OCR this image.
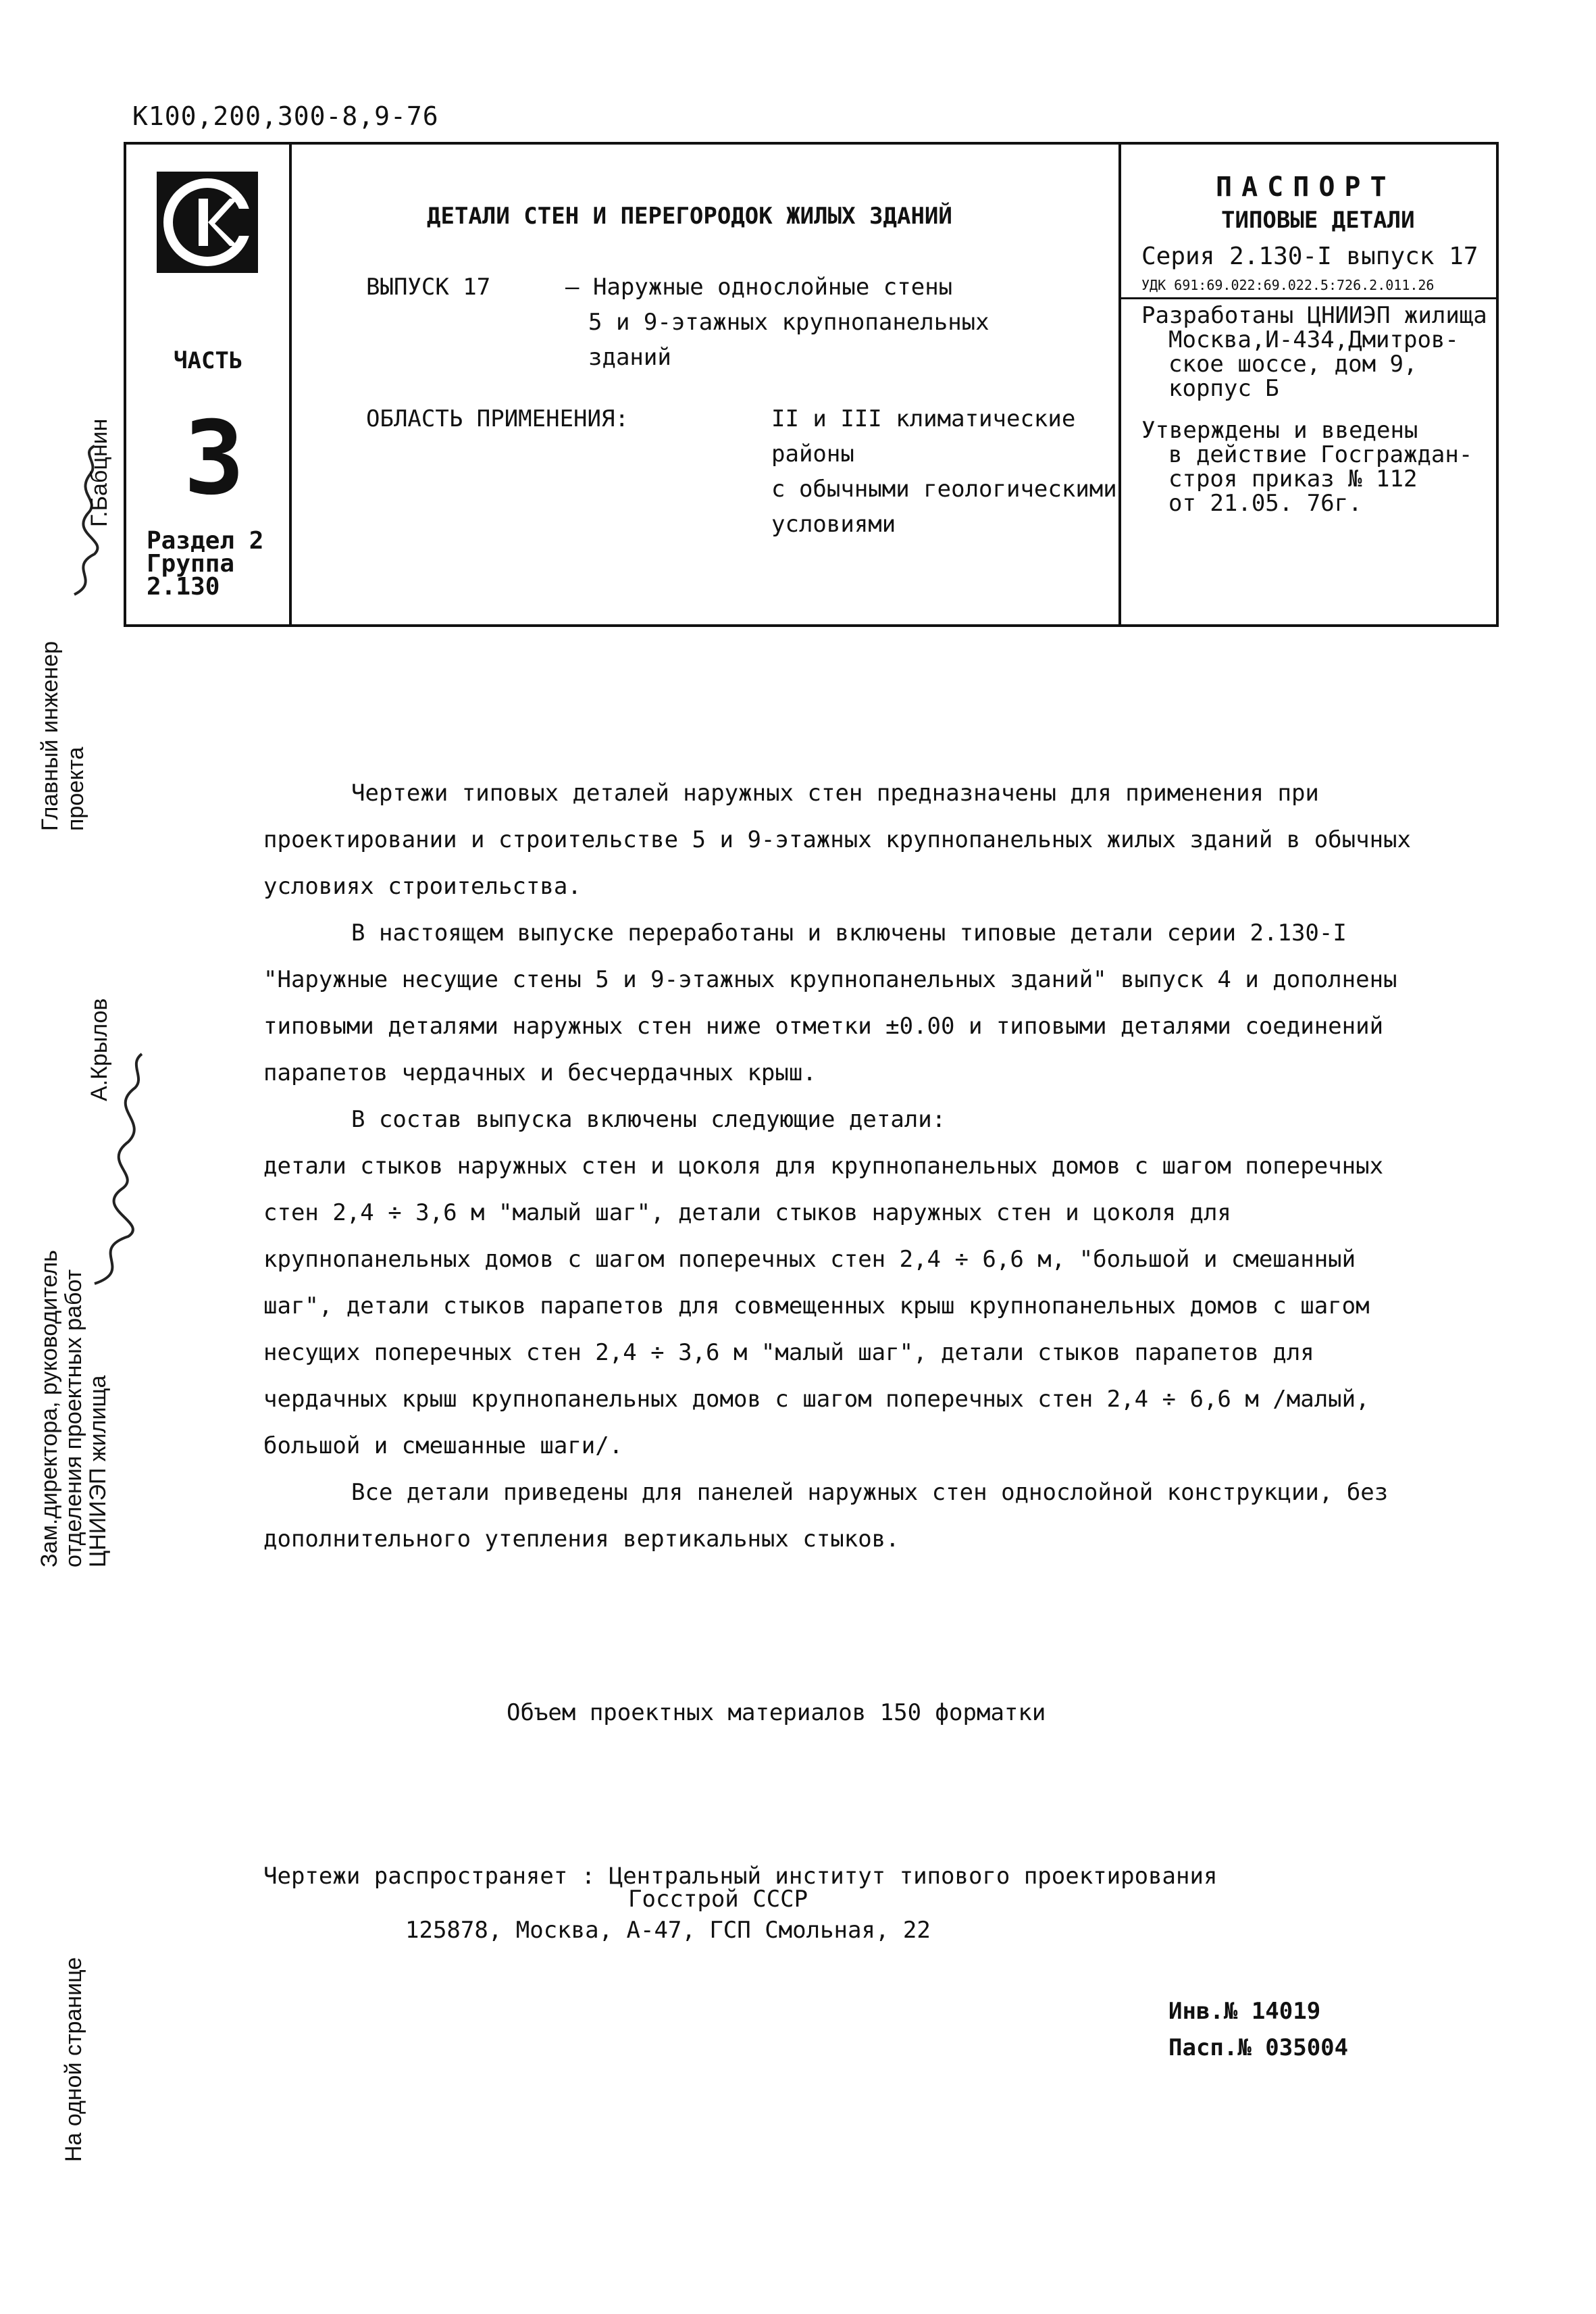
К100,200,300-8,9-76
ЧАСТЬ
3
Раздел 2
Группа
2.130
ДЕТАЛИ СТЕН И ПЕРЕГОРОДОК ЖИЛЫХ ЗДАНИЙ
ВЫПУСК 17	– Наружные однослойные стены
5 и 9-этажных крупнопанельных
зданий
ОБЛАСТЬ ПРИМЕНЕНИЯ:	II и III климатические районы
с обычными геологическими
условиями
ПАСПОРТ
ТИПОВЫЕ ДЕТАЛИ
Серия 2.130-I выпуск 17
УДК 691:69.022:69.022.5:726.2.011.26
Разработаны ЦНИИЭП жилища
Москва,И-434,Дмитров-
ское шоссе, дом 9,
корпус Б
Утверждены и введены
в действие Госграждан-
строя приказ № 112
от 21.05. 76г.
Главный инженер проекта
Г.Бабцнин
Зам.директора, руководитель
отделения проектных работ
ЦНИИЭП жилища
А.Крылов
На одной странице

Чертежи типовых деталей наружных стен предназначены для применения при проектировании и строительстве 5 и 9-этажных крупнопанельных жилых зданий в обычных условиях строительства.

В настоящем выпуске переработаны и включены типовые детали серии 2.130-I "Наружные несущие стены 5 и 9-этажных крупнопанельных зданий" выпуск 4 и дополнены типовыми деталями наружных стен ниже отметки ±0.00 и типовыми деталями соединений парапетов чердачных и бесчердачных крыш.

В состав выпуска включены следующие детали:

детали стыков наружных стен и цоколя для крупнопанельных домов с шагом поперечных стен 2,4 ÷ 3,6 м "малый шаг", детали стыков наружных стен и цоколя для крупнопанельных домов с шагом поперечных стен 2,4 ÷ 6,6 м, "большой и смешанный шаг", детали стыков парапетов для совмещенных крыш крупнопанельных домов с шагом несущих поперечных стен 2,4 ÷ 3,6 м "малый шаг", детали стыков парапетов для чердачных крыш крупнопанельных домов с шагом поперечных стен 2,4 ÷ 6,6 м /малый, большой и смешанные шаги/.

Все детали приведены для панелей наружных стен однослойной конструкции, без дополнительного утепления вертикальных стыков.

Объем проектных материалов 150 форматки
Чертежи распространяет : Центральный институт типового проектирования
Госстрой СССР
125878, Москва, А-47, ГСП Смольная, 22
Инв.№ 14019
Пасп.№ 035004
